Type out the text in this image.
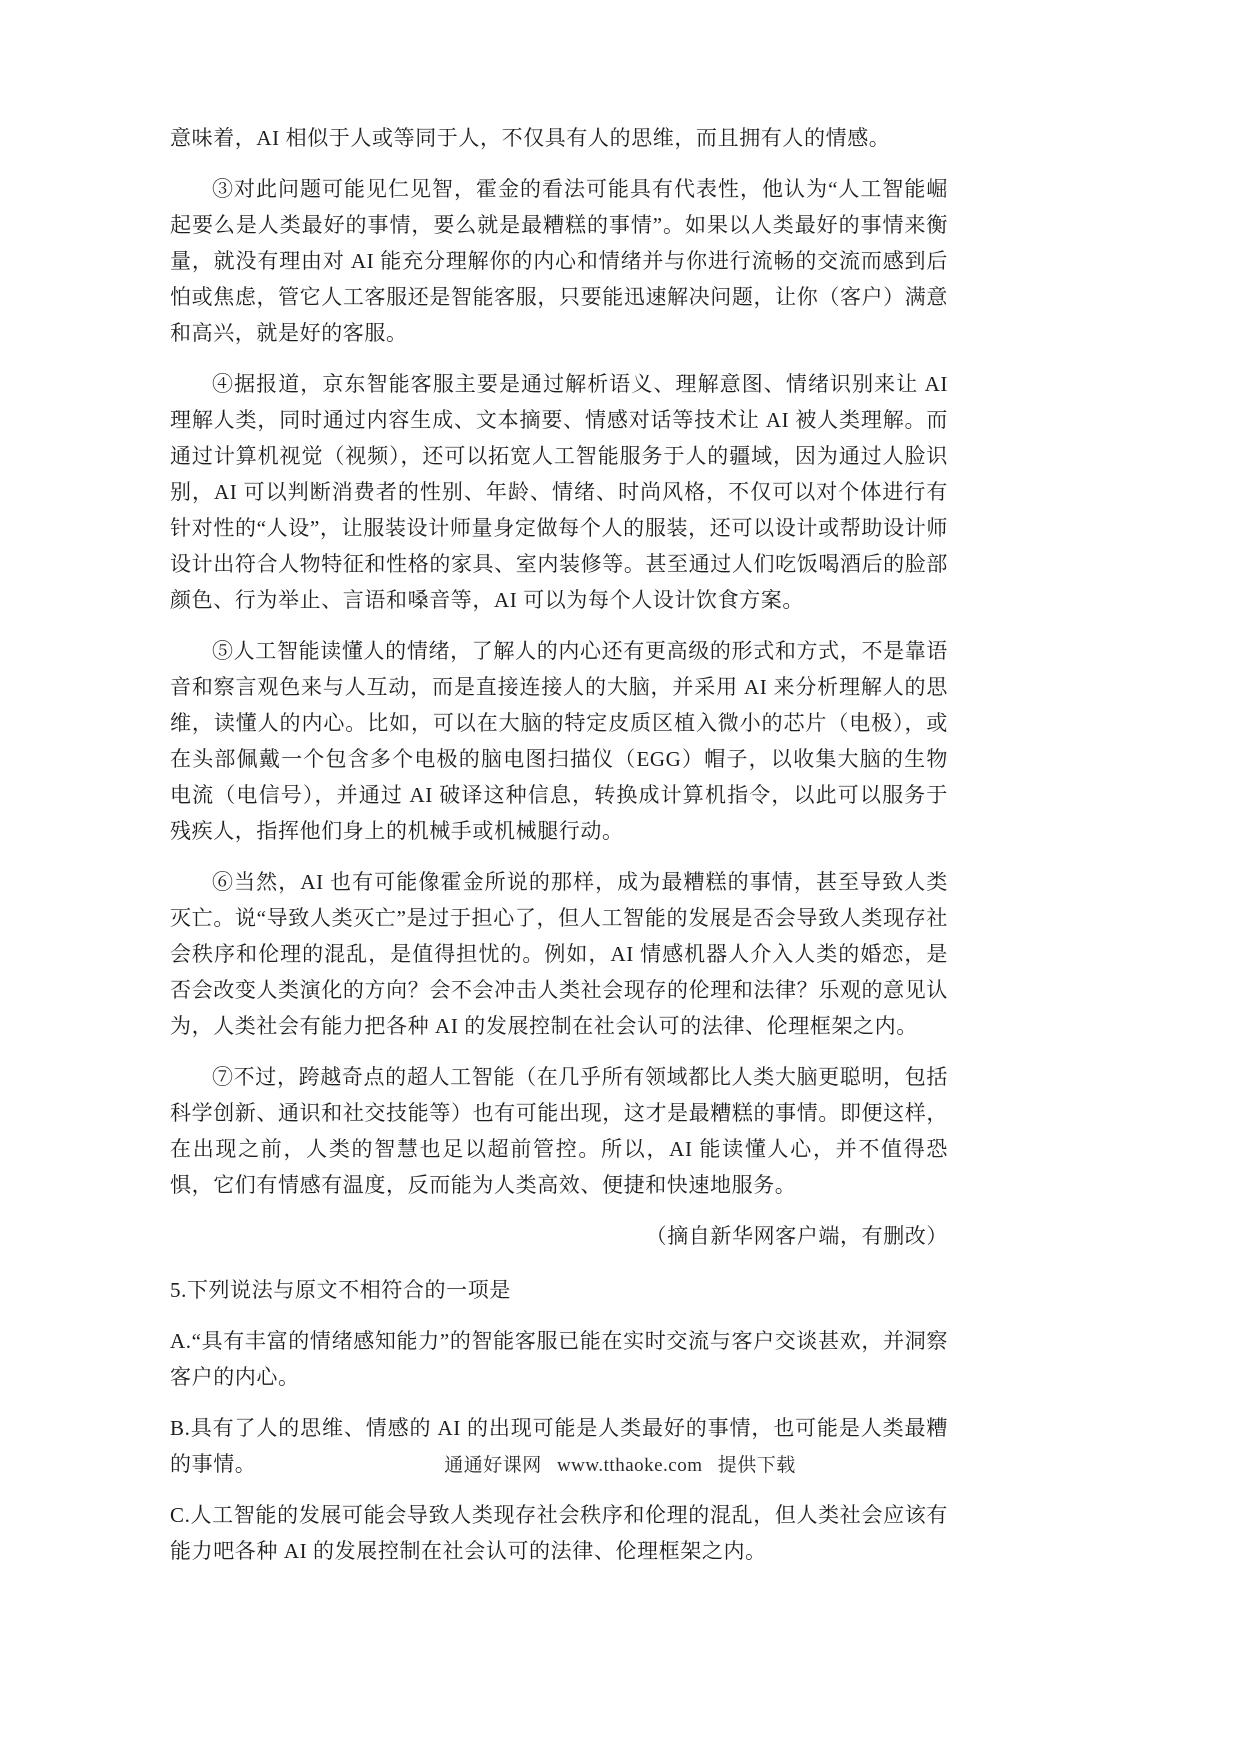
意味着，AI 相似于人或等同于人，不仅具有人的思维，而且拥有人的情感。

③对此问题可能见仁见智，霍金的看法可能具有代表性，他认为“人工智能崛起要么是人类最好的事情，要么就是最糟糕的事情”。如果以人类最好的事情来衡量，就没有理由对 AI 能充分理解你的内心和情绪并与你进行流畅的交流而感到后怕或焦虑，管它人工客服还是智能客服，只要能迅速解决问题，让你（客户）满意和高兴，就是好的客服。

④据报道，京东智能客服主要是通过解析语义、理解意图、情绪识别来让 AI 理解人类，同时通过内容生成、文本摘要、情感对话等技术让 AI 被人类理解。而通过计算机视觉（视频），还可以拓宽人工智能服务于人的疆域，因为通过人脸识别，AI 可以判断消费者的性别、年龄、情绪、时尚风格，不仅可以对个体进行有针对性的“人设”，让服装设计师量身定做每个人的服装，还可以设计或帮助设计师设计出符合人物特征和性格的家具、室内装修等。甚至通过人们吃饭喝酒后的脸部颜色、行为举止、言语和嗓音等，AI 可以为每个人设计饮食方案。

⑤人工智能读懂人的情绪，了解人的内心还有更高级的形式和方式，不是靠语音和察言观色来与人互动，而是直接连接人的大脑，并采用 AI 来分析理解人的思维，读懂人的内心。比如，可以在大脑的特定皮质区植入微小的芯片（电极），或在头部佩戴一个包含多个电极的脑电图扫描仪（EGG）帽子，以收集大脑的生物电流（电信号），并通过 AI 破译这种信息，转换成计算机指令，以此可以服务于残疾人，指挥他们身上的机械手或机械腿行动。

⑥当然，AI 也有可能像霍金所说的那样，成为最糟糕的事情，甚至导致人类灭亡。说“导致人类灭亡”是过于担心了，但人工智能的发展是否会导致人类现存社会秩序和伦理的混乱，是值得担忧的。例如，AI 情感机器人介入人类的婚恋，是否会改变人类演化的方向？会不会冲击人类社会现存的伦理和法律？乐观的意见认为，人类社会有能力把各种 AI 的发展控制在社会认可的法律、伦理框架之内。

⑦不过，跨越奇点的超人工智能（在几乎所有领域都比人类大脑更聪明，包括科学创新、通识和社交技能等）也有可能出现，这才是最糟糕的事情。即便这样，在出现之前，人类的智慧也足以超前管控。所以，AI 能读懂人心，并不值得恐惧，它们有情感有温度，反而能为人类高效、便捷和快速地服务。

（摘自新华网客户端，有删改）

5.下列说法与原文不相符合的一项是

A.“具有丰富的情绪感知能力”的智能客服已能在实时交流与客户交谈甚欢，并洞察客户的内心。

B.具有了人的思维、情感的 AI 的出现可能是人类最好的事情，也可能是人类最糟的事情。

C.人工智能的发展可能会导致人类现存社会秩序和伦理的混乱，但人类社会应该有能力吧各种 AI 的发展控制在社会认可的法律、伦理框架之内。

通通好课网 www.tthaoke.com 提供下载
